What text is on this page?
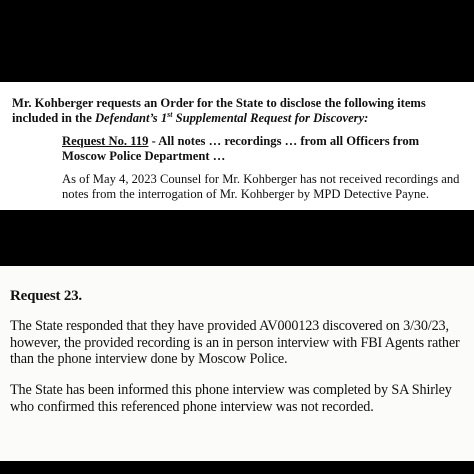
Mr. Kohberger requests an Order for the State to disclose the following items included in the Defendant’s 1st Supplemental Request for Discovery:

Request No. 119 - All notes … recordings … from all Officers from Moscow Police Department …

As of May 4, 2023 Counsel for Mr. Kohberger has not received recordings and notes from the interrogation of Mr. Kohberger by MPD Detective Payne.

Request 23.

The State responded that they have provided AV000123 discovered on 3/30/23, however, the provided recording is an in person interview with FBI Agents rather than the phone interview done by Moscow Police.

The State has been informed this phone interview was completed by SA Shirley who confirmed this referenced phone interview was not recorded.
